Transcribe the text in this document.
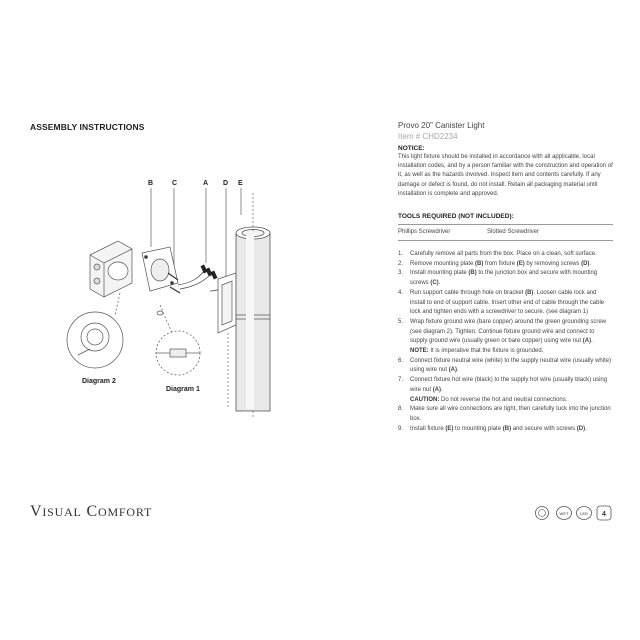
ASSEMBLY INSTRUCTIONS
B	C	A D E
Diagram 2
Diagram 1

Provo 20" Canister Light

Item # CHD2234

NOTICE:
This light fixture should be installed in accordance with all applicable, local installation codes, and by a person familiar with the construction and operation of it, as well as the hazards involved. Inspect item and contents carefully. If any damage or defect is found, do not install. Retain all packaging material until installation is complete and approved.
TOOLS REQUIRED (NOT INCLUDED):
Phillips Screwdriver	Slotted Screwdriver
1.	Carefully remove all parts from the box. Place on a clean, soft surface.
2.	Remove mounting plate (B) from fixture (E) by removing screws (D).
3.	Install mounting plate (B) to the junction box and secure with mounting screws (C).
4.	Run support cable through hole on bracket (B). Loosen cable lock and install to end of support cable. Insert other end of cable through the cable lock and tighten ends with a screwdriver to secure. (see diagram 1)
5.	Wrap fixture ground wire (bare copper) around the green grounding screw (see diagram 2). Tighten. Continue fixture ground wire and connect to supply ground wire (usually green or bare copper) using wire nut (A).
NOTE: It is imperative that the fixture is grounded.
6.	Connect fixture neutral wire (white) to the supply neutral wire (usually white) using wire nut (A).
7.	Connect fixture hot wire (black) to the supply hot wire (usually black) using wire nut (A).
CAUTION: Do not reverse the hot and neutral connections.
8.	Make sure all wire connections are tight, then carefully tuck into the junction box.
9.	Install fixture (E) to mounting plate (B) and secure with screws (D).
VISUAL COMFORT	WET	LED 4
